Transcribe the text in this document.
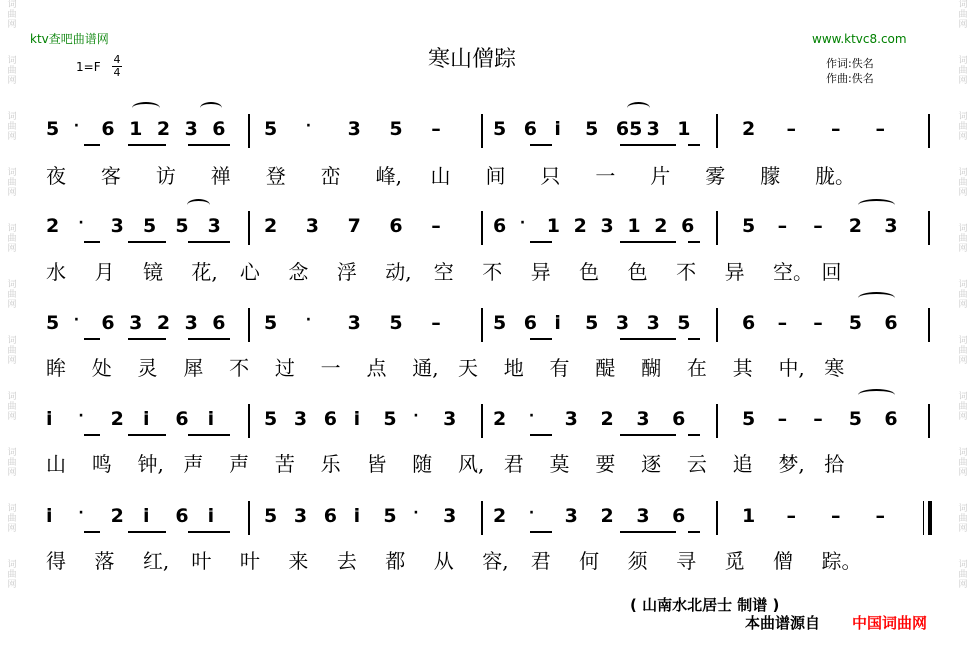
词
曲
网
词
曲
网
词
曲
网
词
曲
网
词
曲
网
词
曲
网
词
曲
网
词
曲
网
词
曲
网
词
曲
网
词
曲
网
词
曲
网
词
曲
网
词
曲
网
词
曲
网
词
曲
网
词
曲
网
词
曲
网
词
曲
网
词
曲
网
词
曲
网
词
曲
网
ktv查吧曲谱网	www.ktvc8.com
寒山僧踪
1=F
4
4
作词:佚名
作曲:佚名
5 · 6 1 2 3 6 5 · 3 5 –	5 6 i 5 65 3 1	2 – – –
夜 客 访 禅 登 峦 峰, 山 间 只 一 片 雾 朦 胧。
2 · 3 5 5 3 2 3 7 6 –	6 · 1 2 3 1 2 6	5 – – 2 3
水 月 镜 花, 心 念 浮 动, 空 不 异 色 色 不 异 空。 回
5 · 6 3 2 3 6 5 · 3 5 –	5 6 i 5 3 3 5	6 – – 5 6
眸 处 灵 犀 不 过 一 点 通, 天 地 有 醍 醐 在 其 中, 寒
i · 2 i 6 i	5 3 6 i 5 · 3 2 · 3 2 3 6	5 – – 5 6
山 鸣 钟, 声 声 苦 乐 皆 随 风, 君 莫 要 逐 云 追 梦, 拾
i · 2 i 6 i	5 3 6 i 5 · 3 2 · 3 2 3 6	1 – – –
得 落 红, 叶 叶 来 去 都 从 容, 君 何 须 寻 觅 僧 踪。
( 山南水北居士 制谱 )
本曲谱源自 中国词曲网
